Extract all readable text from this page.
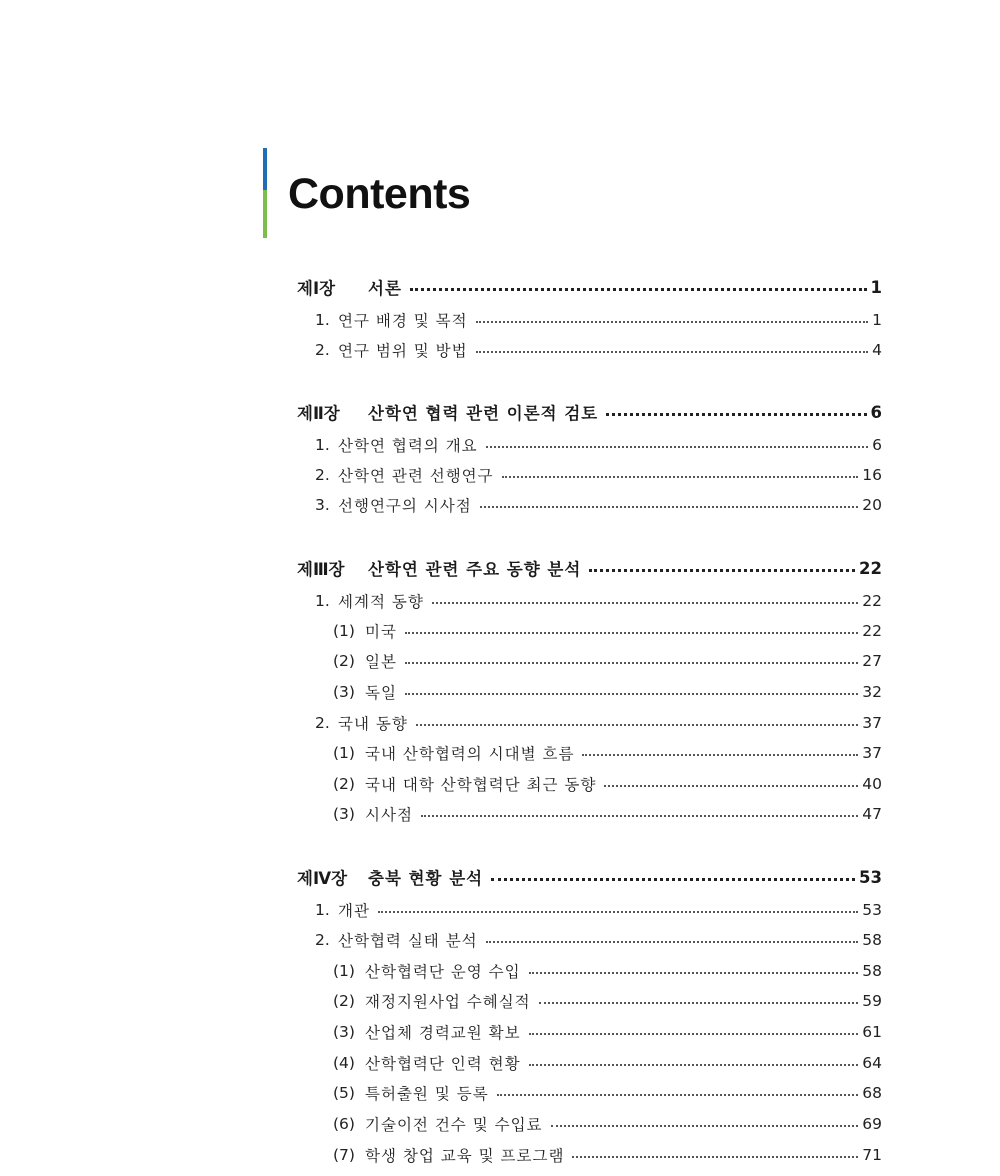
Contents
제Ⅰ장	서론	1
1. 연구 배경 및 목적	1
2. 연구 범위 및 방법	4
제Ⅱ장	산학연 협력 관련 이론적 검토	6
1. 산학연 협력의 개요	6
2. 산학연 관련 선행연구	16
3. 선행연구의 시사점	20
제Ⅲ장	산학연 관련 주요 동향 분석	22
1. 세계적 동향	22
(1) 미국	22
(2) 일본	27
(3) 독일	32
2. 국내 동향	37
(1) 국내 산학협력의 시대별 흐름	37
(2) 국내 대학 산학협력단 최근 동향	40
(3) 시사점	47
제Ⅳ장	충북 현황 분석	53
1. 개관	53
2. 산학협력 실태 분석	58
(1) 산학협력단 운영 수입	58
(2) 재정지원사업 수혜실적	59
(3) 산업체 경력교원 확보	61
(4) 산학협력단 인력 현황	64
(5) 특허출원 및 등록	68
(6) 기술이전 건수 및 수입료	69
(7) 학생 창업 교육 및 프로그램	71
